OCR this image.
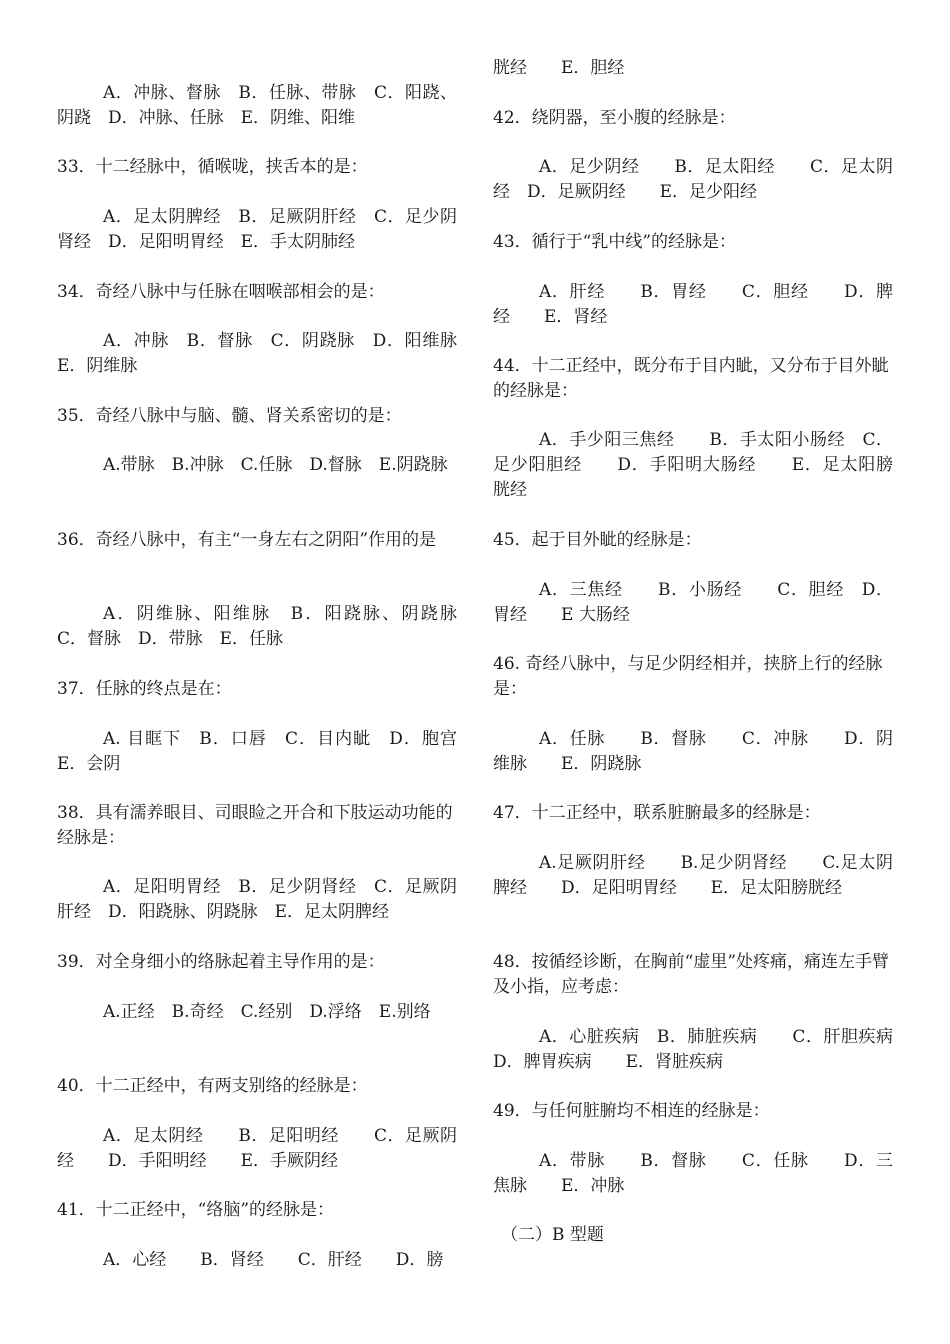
A．冲脉、督脉　B．任脉、带脉　C．阳跷、阴跷　D．冲脉、任脉　E．阴维、阳维

33．十二经脉中，循喉咙，挟舌本的是：

A．足太阴脾经　B．足厥阴肝经　C．足少阴肾经　D．足阳明胃经　E．手太阴肺经

34．奇经八脉中与任脉在咽喉部相会的是：

A．冲脉　B．督脉　C．阴跷脉　D．阳维脉　E．阴维脉

35．奇经八脉中与脑、髓、肾关系密切的是：

A.带脉　B.冲脉　C.任脉　D.督脉　E.阴跷脉

36．奇经八脉中，有主“一身左右之阴阳”作用的是

A．阴维脉、阳维脉　B．阳跷脉、阴跷脉　C．督脉　D．带脉　E．任脉

37．任脉的终点是在：

A. 目眶下　B．口唇　C．目内眦　D．胞宫　E．会阴

38．具有濡养眼目、司眼睑之开合和下肢运动功能的经脉是：

A．足阳明胃经　B．足少阴肾经　C．足厥阴肝经　D．阳跷脉、阴跷脉　E．足太阴脾经

39．对全身细小的络脉起着主导作用的是：

A.正经　B.奇经　C.经别　D.浮络　E.别络

40．十二正经中，有两支别络的经脉是：

A．足太阴经　　B．足阳明经　　C．足厥阴经　　D．手阳明经　　E．手厥阴经

41．十二正经中，“络脑”的经脉是：

A．心经　　B．肾经　　C．肝经　　D．膀

胱经　　E．胆经

42．绕阴器，至小腹的经脉是：

A．足少阴经　　B．足太阳经　　C．足太阴经　D．足厥阴经　　E．足少阳经

43．循行于“乳中线”的经脉是：

A．肝经　　B．胃经　　C．胆经　　D．脾经　　E．肾经

44．十二正经中，既分布于目内眦，又分布于目外眦的经脉是：

A．手少阳三焦经　　B．手太阳小肠经　C．足少阳胆经　　D．手阳明大肠经　　E．足太阳膀胱经

45．起于目外眦的经脉是：

A．三焦经　　B．小肠经　　C．胆经　D．胃经　　E 大肠经

46. 奇经八脉中，与足少阴经相并，挟脐上行的经脉是：

A．任脉　　B．督脉　　C．冲脉　　D．阴维脉　　E．阴跷脉

47．十二正经中，联系脏腑最多的经脉是：

A.足厥阴肝经　　B.足少阴肾经　　C.足太阴脾经　　D．足阳明胃经　　E．足太阳膀胱经

48．按循经诊断，在胸前“虚里”处疼痛，痛连左手臂及小指，应考虑：

A．心脏疾病　B．肺脏疾病　　C．肝胆疾病　　D．脾胃疾病　　E．肾脏疾病

49．与任何脏腑均不相连的经脉是：

A．带脉　　B．督脉　　C．任脉　　D．三焦脉　　E．冲脉

（二）B 型题
